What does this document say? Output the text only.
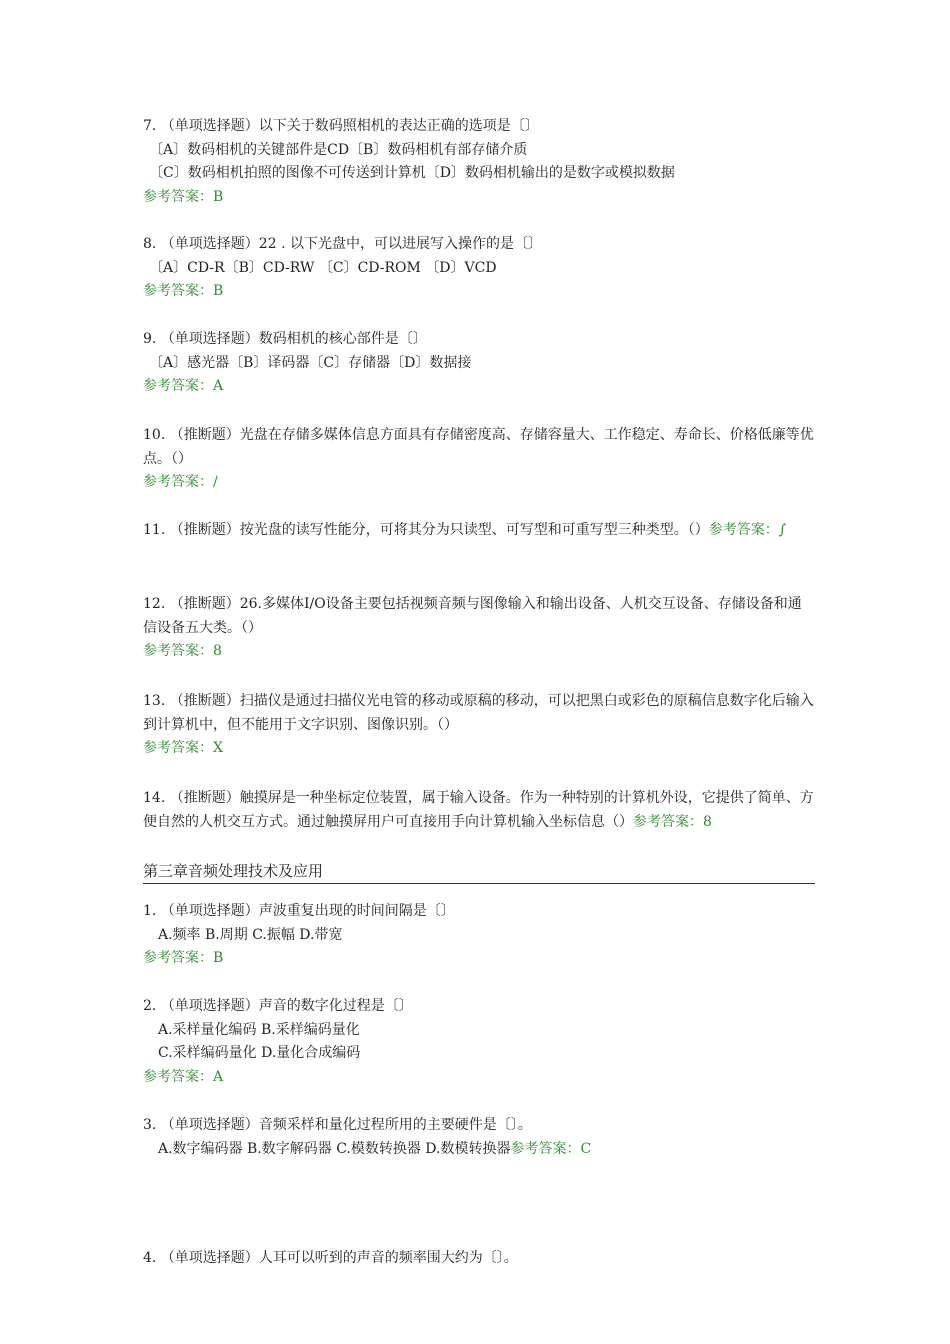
7. （单项选择题）以下关于数码照相机的表达正确的选项是〔〕
〔A〕数码相机的关键部件是CD〔B〕数码相机有部存储介质
〔C〕数码相机拍照的图像不可传送到计算机〔D〕数码相机输出的是数字或模拟数据
参考答案：B
8. （单项选择题）22 . 以下光盘中，可以进展写入操作的是〔〕
〔A〕CD-R〔B〕CD-RW 〔C〕CD-ROM 〔D〕VCD
参考答案：B
9. （单项选择题）数码相机的核心部件是〔〕
〔A〕感光器〔B〕译码器〔C〕存储器〔D〕数据接
参考答案：A
10. （推断题）光盘在存储多媒体信息方面具有存储密度高、存储容量大、工作稳定、寿命长、价格低廉等优点。（）
参考答案：∕
11. （推断题）按光盘的读写性能分，可将其分为只读型、可写型和可重写型三种类型。（）参考答案：∫
12. （推断题）26.多媒体I/O设备主要包括视频音频与图像输入和输出设备、人机交互设备、存储设备和通信设备五大类。（）
参考答案：8
13. （推断题）扫描仪是通过扫描仪光电管的移动或原稿的移动，可以把黑白或彩色的原稿信息数字化后输入到计算机中，但不能用于文字识别、图像识别。（）
参考答案：X
14. （推断题）触摸屏是一种坐标定位装置，属于输入设备。作为一种特别的计算机外设，它提供了简单、方便自然的人机交互方式。通过触摸屏用户可直接用手向计算机输入坐标信息（）参考答案：8
第三章音频处理技术及应用
1. （单项选择题）声波重复出现的时间间隔是〔〕
A.频率 B.周期 C.振幅 D.带宽
参考答案：B
2. （单项选择题）声音的数字化过程是〔〕
A.采样量化编码 B.采样编码量化
C.采样编码量化 D.量化合成编码
参考答案：A
3. （单项选择题）音频采样和量化过程所用的主要硬件是〔〕。
A.数字编码器 B.数字解码器 C.模数转换器 D.数模转换器参考答案：C
4. （单项选择题）人耳可以听到的声音的频率围大约为〔〕。
